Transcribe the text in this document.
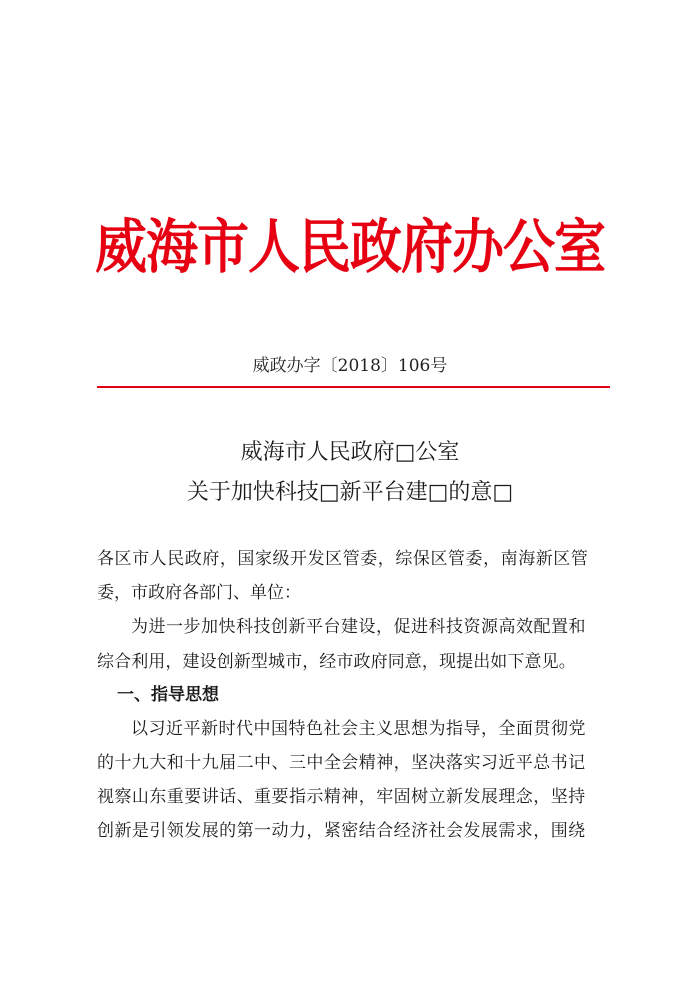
威海市人民政府办公室
威政办字〔2018〕106号
威海市人民政府□公室
关于加快科技□新平台建□的意□
各区市人民政府，国家级开发区管委，综保区管委，南海新区管
委，市政府各部门、单位：
为进一步加快科技创新平台建设，促进科技资源高效配置和
综合利用，建设创新型城市，经市政府同意，现提出如下意见。
一、指导思想
以习近平新时代中国特色社会主义思想为指导，全面贯彻党
的十九大和十九届二中、三中全会精神，坚决落实习近平总书记
视察山东重要讲话、重要指示精神，牢固树立新发展理念，坚持
创新是引领发展的第一动力，紧密结合经济社会发展需求，围绕
